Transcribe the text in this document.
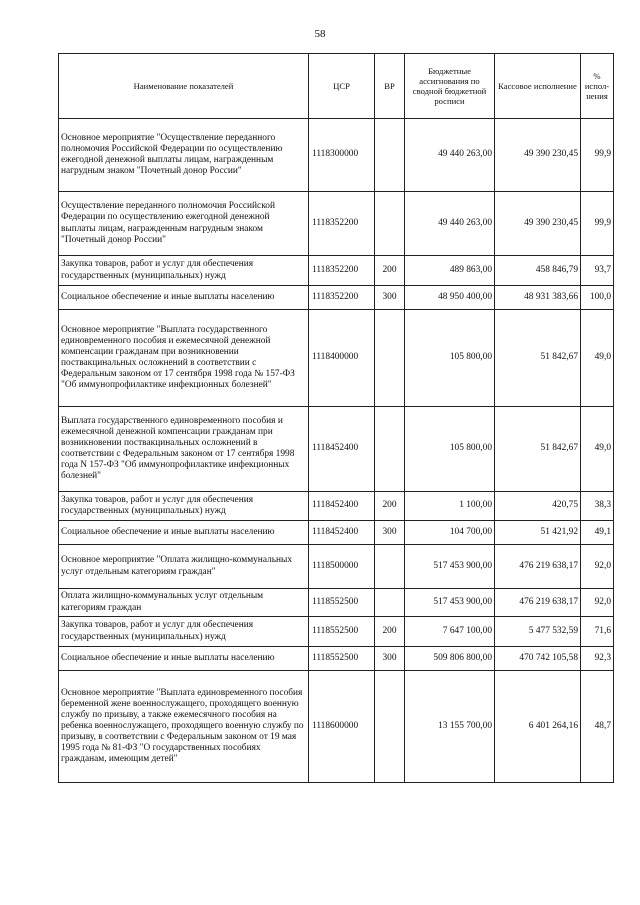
58
Наименование показателей	ЦСР	ВР	Бюджетные ассигнования по сводной бюджетной росписи	Кассовое исполнение	% испол-нения
Основное мероприятие "Осуществление переданного полномочия Российской Федерации по осуществлению ежегодной денежной выплаты лицам, награжденным нагрудным знаком "Почетный донор России"	1118300000		49 440 263,00	49 390 230,45	99,9
Осуществление переданного полномочия Российской Федерации по осуществлению ежегодной денежной выплаты лицам, награжденным нагрудным знаком "Почетный донор России"	1118352200		49 440 263,00	49 390 230,45	99,9
Закупка товаров, работ и услуг для обеспечения государственных (муниципальных) нужд	1118352200	200	489 863,00	458 846,79	93,7
Социальное обеспечение и иные выплаты населению	1118352200	300	48 950 400,00	48 931 383,66	100,0
Основное мероприятие "Выплата государственного единовременного пособия и ежемесячной денежной компенсации гражданам при возникновении поствакцинальных осложнений в соответствии с Федеральным законом от 17 сентября 1998 года № 157-ФЗ "Об иммунопрофилактике инфекционных болезней"	1118400000		105 800,00	51 842,67	49,0
Выплата государственного единовременного пособия и ежемесячной денежной компенсации гражданам при возникновении поствакцинальных осложнений в соответствии с Федеральным законом от 17 сентября 1998 года N 157-ФЗ "Об иммунопрофилактике инфекционных болезней"	1118452400		105 800,00	51 842,67	49,0
Закупка товаров, работ и услуг для обеспечения государственных (муниципальных) нужд	1118452400	200	1 100,00	420,75	38,3
Социальное обеспечение и иные выплаты населению	1118452400	300	104 700,00	51 421,92	49,1
Основное мероприятие "Оплата жилищно-коммунальных услуг отдельным категориям граждан"	1118500000		517 453 900,00	476 219 638,17	92,0
Оплата жилищно-коммунальных услуг отдельным категориям граждан	1118552500		517 453 900,00	476 219 638,17	92,0
Закупка товаров, работ и услуг для обеспечения государственных (муниципальных) нужд	1118552500	200	7 647 100,00	5 477 532,59	71,6
Социальное обеспечение и иные выплаты населению	1118552500	300	509 806 800,00	470 742 105,58	92,3
Основное мероприятие "Выплата единовременного пособия беременной жене военнослужащего, проходящего военную службу по призыву, а также ежемесячного пособия на ребенка военнослужащего, проходящего военную службу по призыву, в соответствии с Федеральным законом от 19 мая 1995 года № 81-ФЗ "О государственных пособиях гражданам, имеющим детей"	1118600000		13 155 700,00	6 401 264,16	48,7
